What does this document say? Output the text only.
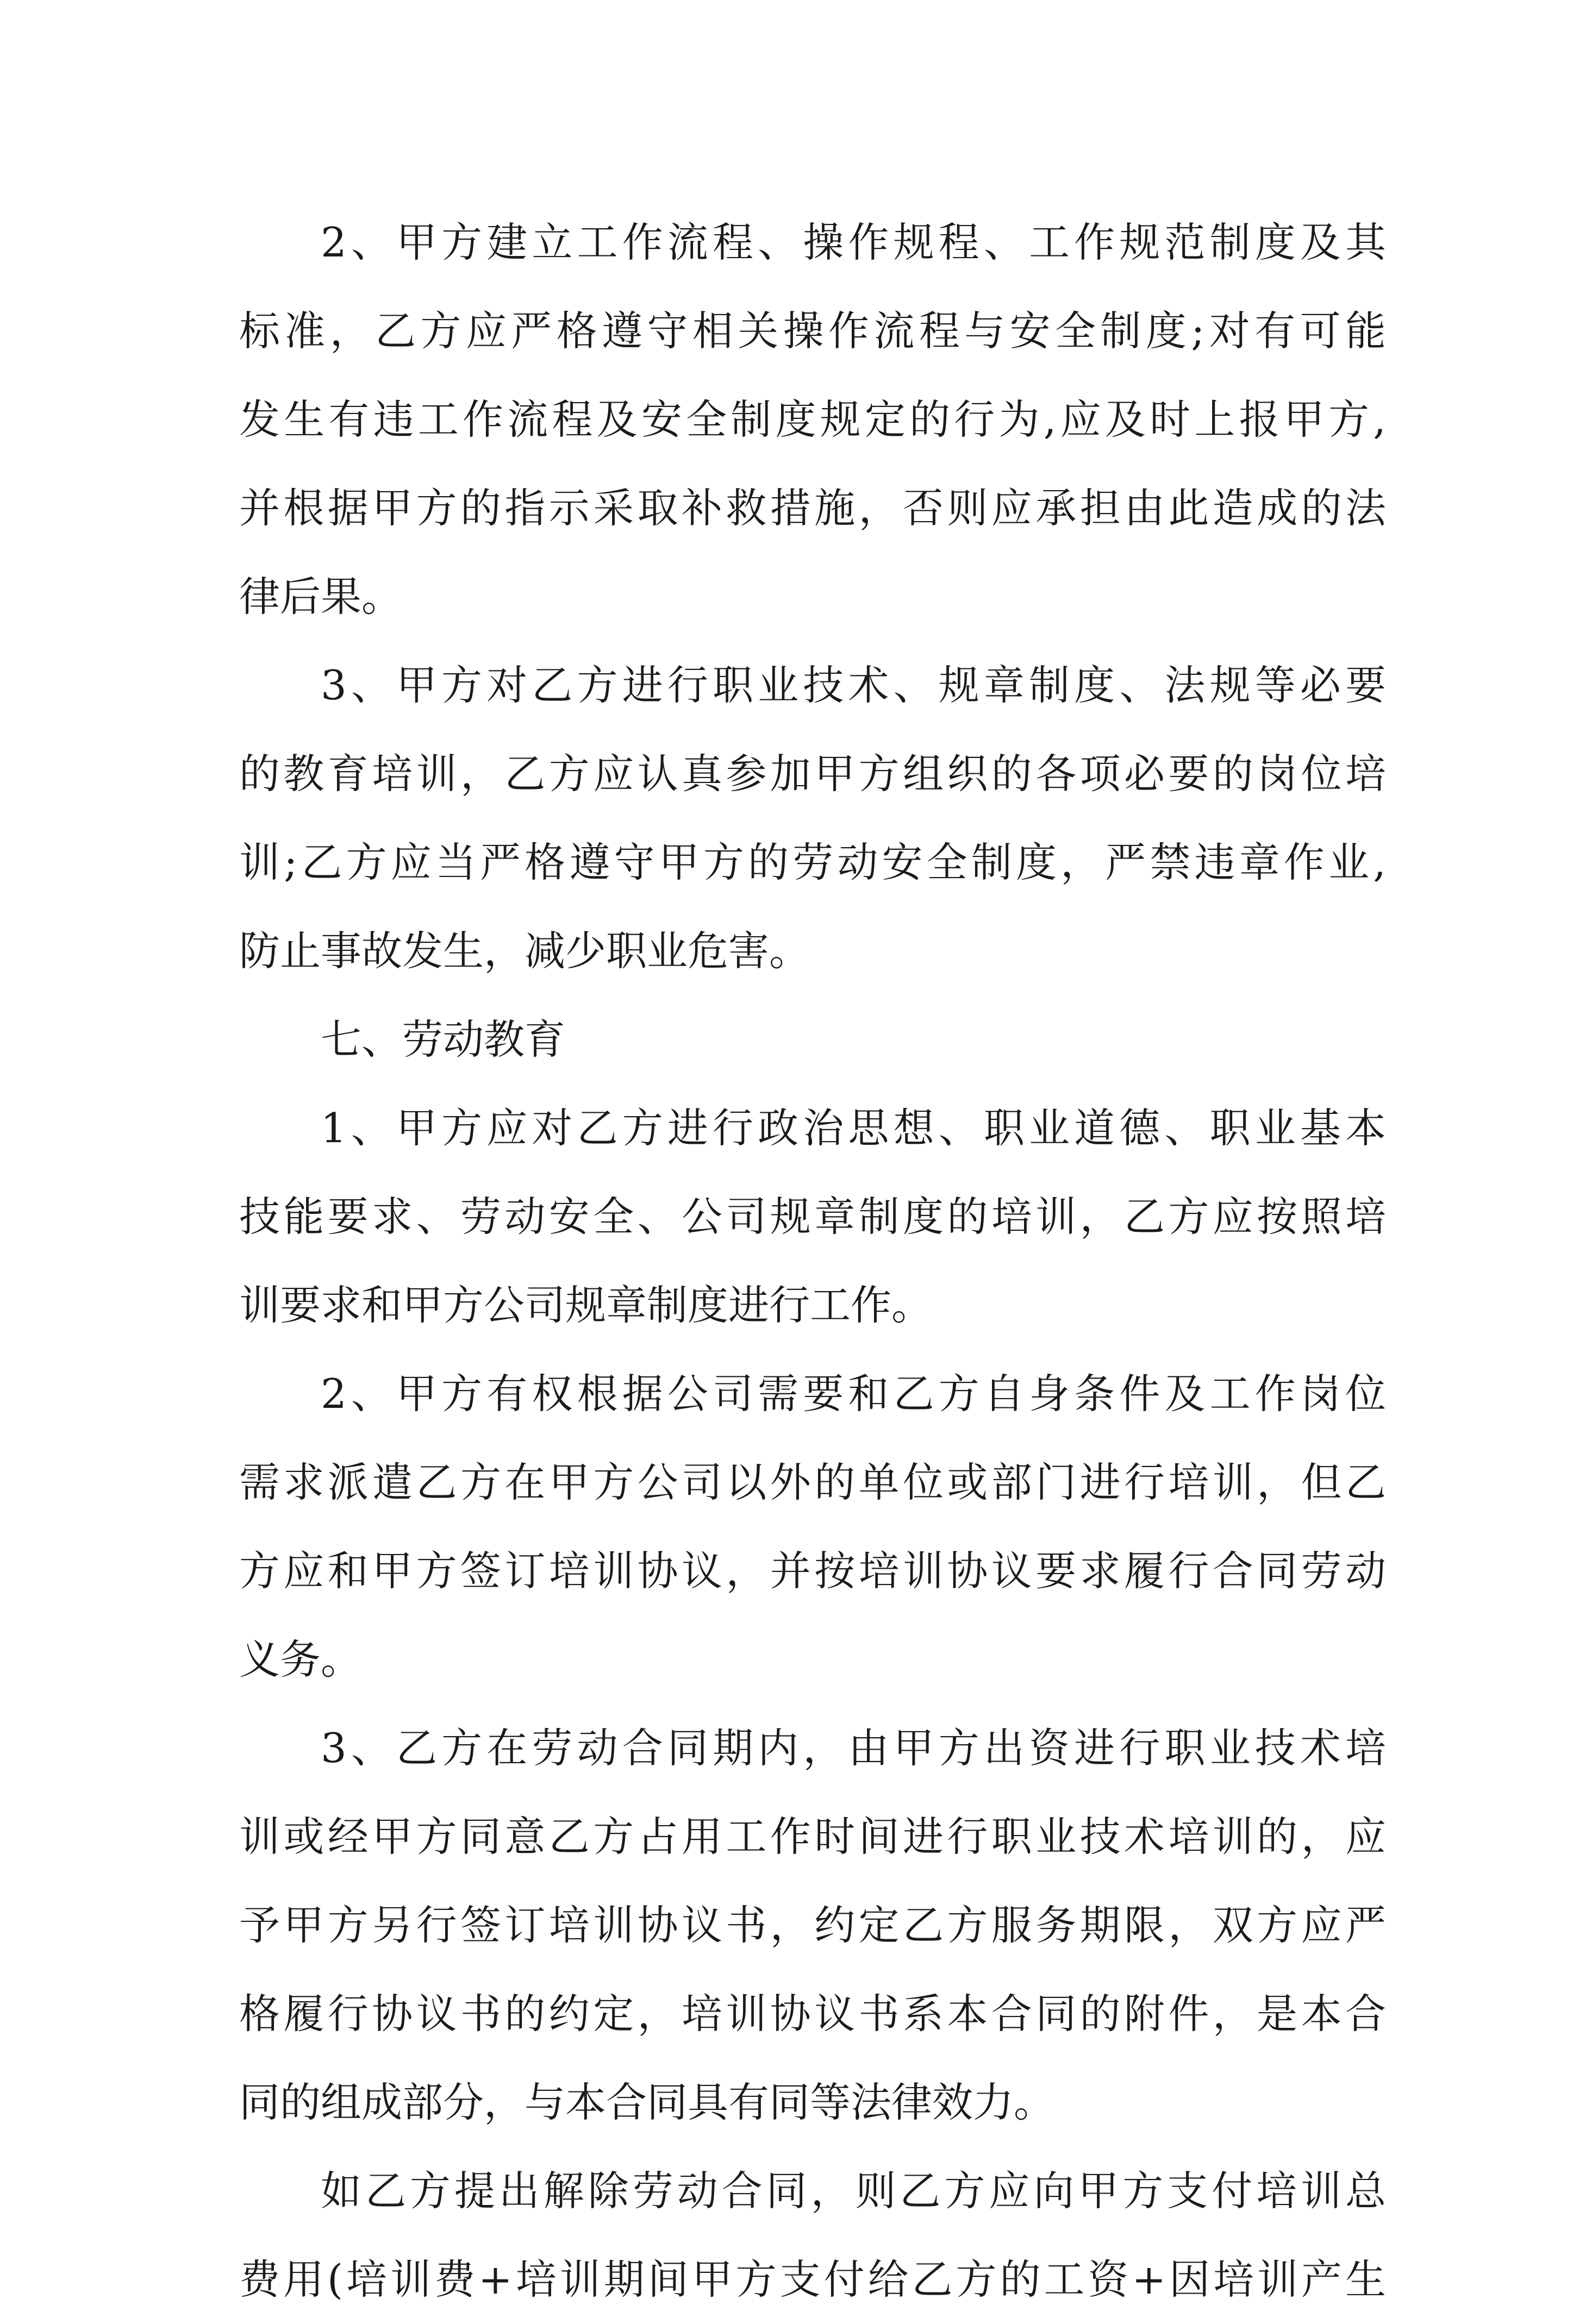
2、甲方建立工作流程、操作规程、工作规范制度及其
标准，乙方应严格遵守相关操作流程与安全制度;对有可能
发生有违工作流程及安全制度规定的行为,应及时上报甲方,
并根据甲方的指示采取补救措施，否则应承担由此造成的法
律后果。
3、甲方对乙方进行职业技术、规章制度、法规等必要
的教育培训，乙方应认真参加甲方组织的各项必要的岗位培
训;乙方应当严格遵守甲方的劳动安全制度，严禁违章作业,
防止事故发生，减少职业危害。
七、劳动教育
1、甲方应对乙方进行政治思想、职业道德、职业基本
技能要求、劳动安全、公司规章制度的培训，乙方应按照培
训要求和甲方公司规章制度进行工作。
2、甲方有权根据公司需要和乙方自身条件及工作岗位
需求派遣乙方在甲方公司以外的单位或部门进行培训，但乙
方应和甲方签订培训协议，并按培训协议要求履行合同劳动
义务。
3、乙方在劳动合同期内，由甲方出资进行职业技术培
训或经甲方同意乙方占用工作时间进行职业技术培训的，应
予甲方另行签订培训协议书，约定乙方服务期限，双方应严
格履行协议书的约定，培训协议书系本合同的附件，是本合
同的组成部分，与本合同具有同等法律效力。
如乙方提出解除劳动合同，则乙方应向甲方支付培训总
费用(培训费+培训期间甲方支付给乙方的工资+因培训产生
